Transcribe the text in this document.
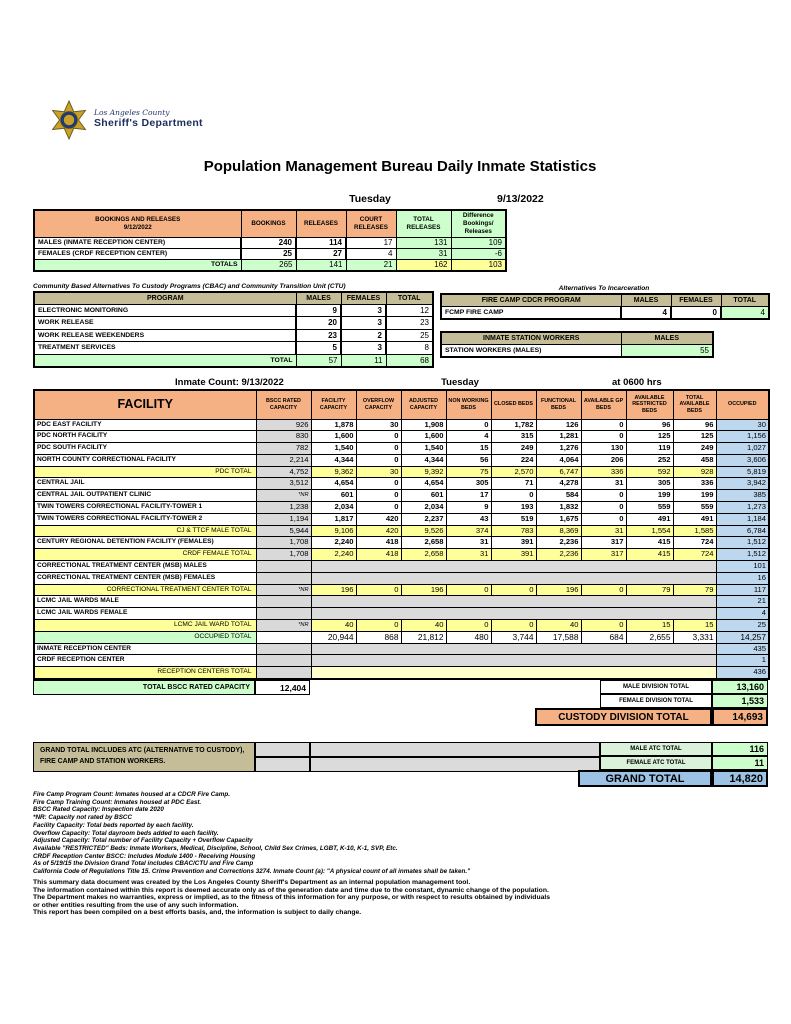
Los Angeles County
Sheriff's Department
Population Management Bureau Daily Inmate Statistics
Tuesday	9/13/2022
BOOKINGS AND RELEASES
9/12/2022	BOOKINGS	RELEASES	COURT RELEASES	TOTAL RELEASES	Difference Bookings/ Releases
MALES (INMATE RECEPTION CENTER)	240	114	17	131	109
FEMALES (CRDF RECEPTION CENTER)	25	27	4	31	-6
TOTALS	265	141	21	162	103
Community Based Alternatives To Custody Programs (CBAC) and Community Transition Unit (CTU)
PROGRAM	MALES	FEMALES	TOTAL
ELECTRONIC MONITORING	9	3	12
WORK RELEASE	20	3	23
WORK RELEASE WEEKENDERS	23	2	25
TREATMENT SERVICES	5	3	8
TOTAL	57	11	68
Alternatives To Incarceration
FIRE CAMP CDCR PROGRAM	MALES	FEMALES	TOTAL
FCMP FIRE CAMP	4	0	4
INMATE STATION WORKERS	MALES
STATION WORKERS (MALES)	55
Inmate Count: 9/13/2022	Tuesday	at 0600 hrs
FACILITY	BSCC RATED CAPACITY	FACILITY CAPACITY	OVERFLOW CAPACITY	ADJUSTED CAPACITY	NON WORKING BEDS	CLOSED BEDS	FUNCTIONAL BEDS	AVAILABLE GP BEDS	AVAILABLE RESTRICTED BEDS	TOTAL AVAILABLE BEDS	OCCUPIED
PDC EAST FACILITY	926	1,878	30	1,908	0	1,782	126	0	96	96	30
PDC NORTH FACILITY	830	1,600	0	1,600	4	315	1,281	0	125	125	1,156
PDC SOUTH FACILITY	782	1,540	0	1,540	15	249	1,276	130	119	249	1,027
NORTH COUNTY CORRECTIONAL FACILITY	2,214	4,344	0	4,344	56	224	4,064	206	252	458	3,606
PDC TOTAL	4,752	9,362	30	9,392	75	2,570	6,747	336	592	928	5,819
CENTRAL JAIL	3,512	4,654	0	4,654	305	71	4,278	31	305	336	3,942
CENTRAL JAIL OUTPATIENT CLINIC	*NR	601	0	601	17	0	584	0	199	199	385
TWIN TOWERS CORRECTIONAL FACILITY-TOWER 1	1,238	2,034	0	2,034	9	193	1,832	0	559	559	1,273
TWIN TOWERS CORRECTIONAL FACILITY-TOWER 2	1,194	1,817	420	2,237	43	519	1,675	0	491	491	1,184
CJ & TTCF MALE TOTAL	5,944	9,106	420	9,526	374	783	8,369	31	1,554	1,585	6,784
CENTURY REGIONAL DETENTION FACILITY (FEMALES)	1,708	2,240	418	2,658	31	391	2,236	317	415	724	1,512
CRDF FEMALE TOTAL	1,708	2,240	418	2,658	31	391	2,236	317	415	724	1,512
CORRECTIONAL TREATMENT CENTER (MSB) MALES											101
CORRECTIONAL TREATMENT CENTER (MSB) FEMALES											16
CORRECTIONAL TREATMENT CENTER TOTAL	*NR	196	0	196	0	0	196	0	79	79	117
LCMC JAIL WARDS MALE											21
LCMC JAIL WARDS FEMALE											4
LCMC JAIL WARD TOTAL	*NR	40	0	40	0	0	40	0	15	15	25
OCCUPIED TOTAL		20,944	868	21,812	480	3,744	17,588	684	2,655	3,331	14,257
INMATE RECEPTION CENTER											435
CRDF RECEPTION CENTER											1
RECEPTION CENTERS TOTAL											436
TOTAL BSCC RATED CAPACITY	12,404	MALE DIVISION TOTAL	13,160
FEMALE DIVISION TOTAL	1,533
CUSTODY DIVISION TOTAL	14,693
GRAND TOTAL INCLUDES ATC (ALTERNATIVE TO CUSTODY), FIRE CAMP AND STATION WORKERS.
MALE ATC TOTAL	116
FEMALE ATC TOTAL	11
GRAND TOTAL	14,820
Fire Camp Program Count: Inmates housed at a CDCR Fire Camp.
Fire Camp Training Count: Inmates housed at PDC East.
BSCC Rated Capacity: Inspection date 2020
*NR: Capacity not rated by BSCC
Facility Capacity: Total beds reported by each facility.
Overflow Capacity: Total dayroom beds added to each facility.
Adjusted Capacity: Total number of Facility Capacity + Overflow Capacity
Available "RESTRICTED" Beds: Inmate Workers, Medical, Discipline, School, Child Sex Crimes, LGBT, K-10, K-1, SVP, Etc.
CRDF Reception Center BSCC: Includes Module 1400 - Receiving Housing
As of 5/19/15 the Division Grand Total includes CBAC/CTU and Fire Camp
California Code of Regulations Title 15. Crime Prevention and Corrections 3274. Inmate Count (a): "A physical count of all inmates shall be taken."
This summary data document was created by the Los Angeles County Sheriff's Department as an internal population management tool.
The information contained within this report is deemed accurate only as of the generation date and time due to the constant, dynamic change of the population.
The Department makes no warranties, express or implied, as to the fitness of this information for any purpose, or with respect to results obtained by individuals
or other entities resulting from the use of any such information.
This report has been compiled on a best efforts basis, and, the information is subject to daily change.
